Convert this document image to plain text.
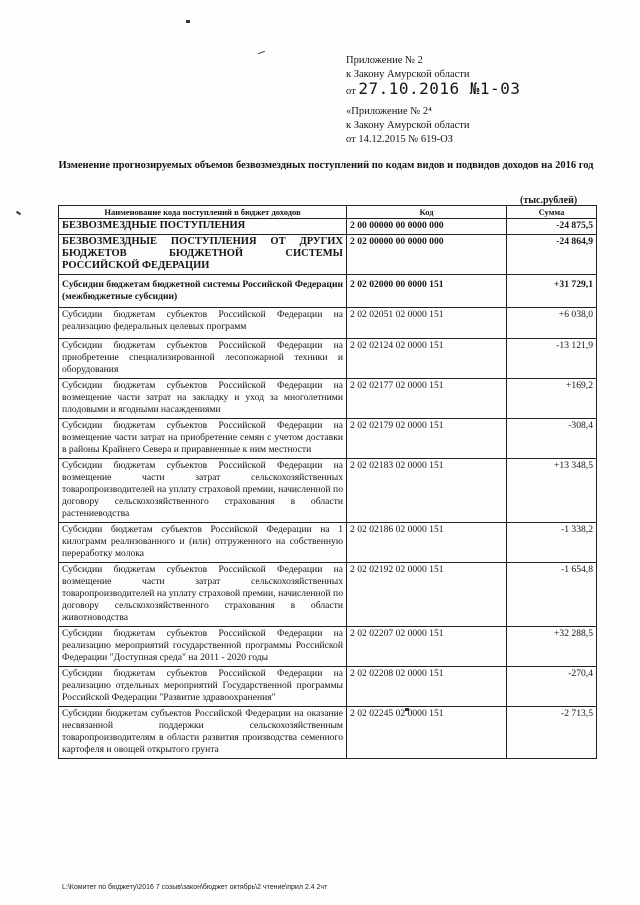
Приложение № 2
к Закону Амурской области
от 27.10.2016 №1-03
«Приложение № 2⁴
к Закону Амурской области
от 14.12.2015 № 619-ОЗ
Изменение прогнозируемых объемов безвозмездных поступлений по кодам видов и подвидов доходов на 2016 год
(тыс.рублей)
Наименование кода поступлений в бюджет доходов	Код	Сумма
БЕЗВОЗМЕЗДНЫЕ ПОСТУПЛЕНИЯ	2 00 00000 00 0000 000	-24 875,5
БЕЗВОЗМЕЗДНЫЕ ПОСТУПЛЕНИЯ ОТ ДРУГИХ БЮДЖЕТОВ БЮДЖЕТНОЙ СИСТЕМЫ РОССИЙСКОЙ ФЕДЕРАЦИИ	2 02 00000 00 0000 000	-24 864,9
Субсидии бюджетам бюджетной системы Российской Федерации (межбюджетные субсидии)	2 02 02000 00 0000 151	+31 729,1
Субсидии бюджетам субъектов Российской Федерации на реализацию федеральных целевых программ	2 02 02051 02 0000 151	+6 038,0
Субсидии бюджетам субъектов Российской Федерации на приобретение специализированной лесопожарной техники и оборудования	2 02 02124 02 0000 151	-13 121,9
Субсидии бюджетам субъектов Российской Федерации на возмещение части затрат на закладку и уход за многолетними плодовыми и ягодными насаждениями	2 02 02177 02 0000 151	+169,2
Субсидии бюджетам субъектов Российской Федерации на возмещение части затрат на приобретение семян с учетом доставки в районы Крайнего Севера и приравненные к ним местности	2 02 02179 02 0000 151	-308,4
Субсидии бюджетам субъектов Российской Федерации на возмещение части затрат сельскохозяйственных товаропроизводителей на уплату страховой премии, начисленной по договору сельскохозяйственного страхования в области растениеводства	2 02 02183 02 0000 151	+13 348,5
Субсидии бюджетам субъектов Российской Федерации на 1 килограмм реализованного и (или) отгруженного на собственную переработку молока	2 02 02186 02 0000 151	-1 338,2
Субсидии бюджетам субъектов Российской Федерации на возмещение части затрат сельскохозяйственных товаропроизводителей на уплату страховой премии, начисленной по договору сельскохозяйственного страхования в области животноводства	2 02 02192 02 0000 151	-1 654,8
Субсидии бюджетам субъектов Российской Федерации на реализацию мероприятий государственной программы Российской Федерации "Доступная среда" на 2011 - 2020 годы	2 02 02207 02 0000 151	+32 288,5
Субсидии бюджетам субъектов Российской Федерации на реализацию отдельных мероприятий Государственной программы Российской Федерации "Развитие здравоохранения"	2 02 02208 02 0000 151	-270,4
Субсидии бюджетам субъектов Российской Федерации на оказание несвязанной поддержки сельскохозяйственным товаропроизводителям в области развития производства семенного картофеля и овощей открытого грунта	2 02 02245 02 0000 151	-2 713,5
L:\Комитет по бюджету\2016 7 созыв\закон\бюджет октябрь\2 чтение\прил 2.4 2чт
